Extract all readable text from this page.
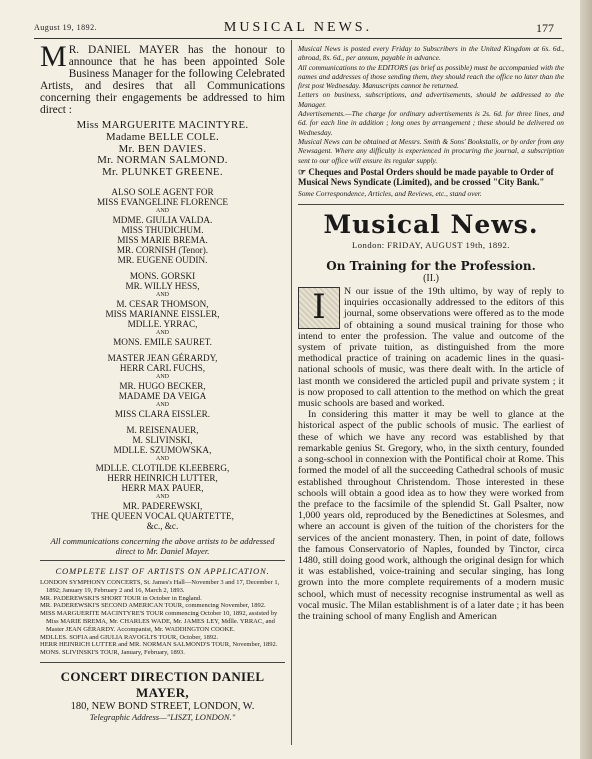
August 19, 1892.	MUSICAL NEWS.	177
M R. DANIEL MAYER has the honour to announce that he has been appointed Sole Business Manager for the following Celebrated Artists, and desires that all Communications concerning their engagements be addressed to him direct :
Miss MARGUERITE MACINTYRE.
Madame BELLE COLE.
Mr. BEN DAVIES.
Mr. NORMAN SALMOND.
Mr. PLUNKET GREENE.
ALSO SOLE AGENT FOR
MISS EVANGELINE FLORENCE
AND
MDME. GIULIA VALDA.
MISS THUDICHUM.
MISS MARIE BREMA.
MR. CORNISH (Tenor).
MR. EUGENE OUDIN.
MONS. GORSKI
MR. WILLY HESS,
AND
M. CESAR THOMSON,
MISS MARIANNE EISSLER,
MDLLE. YRRAC,
AND
MONS. EMILE SAURET.
MASTER JEAN GÉRARDY,
HERR CARL FUCHS,
AND
MR. HUGO BECKER,
MADAME DA VEIGA
AND
MISS CLARA EISSLER.
M. REISENAUER,
M. SLIVINSKI,
MDLLE. SZUMOWSKA,
AND
MDLLE. CLOTILDE KLEEBERG,
HERR HEINRICH LUTTER,
HERR MAX PAUER,
AND
MR. PADEREWSKI,
THE QUEEN VOCAL QUARTETTE,
&c., &c.
All communications concerning the above artists to be addressed direct to Mr. Daniel Mayer.
COMPLETE LIST OF ARTISTS ON APPLICATION.
LONDON SYMPHONY CONCERTS, St. James's Hall—November 3 and 17, December 1, 1892; January 19, February 2 and 16, March 2, 1893.
MR. PADEREWSKI'S SHORT TOUR in October in England.
MR. PADEREWSKI'S SECOND AMERICAN TOUR, commencing November, 1892.
MISS MARGUERITE MACINTYRE'S TOUR commencing October 10, 1892, assisted by Miss MARIE BREMA, Mr. CHARLES WADE, Mr. JAMES LEY, Mdlle. YRRAC, and Master JEAN GÉRARDY. Accompanist, Mr. WADDINGTON COOKE.
MDLLES. SOFIA and GIULIA RAVOGLI'S TOUR, October, 1892.
HERR HEINRICH LUTTER and MR. NORMAN SALMOND'S TOUR, November, 1892.
MONS. SLIVINSKI'S TOUR, January, February, 1893.
CONCERT DIRECTION DANIEL MAYER,
180, NEW BOND STREET, LONDON, W.
Telegraphic Address—"LISZT, LONDON."
Musical News is posted every Friday to Subscribers in the United Kingdom at 6s. 6d., abroad, 8s. 6d., per annum, payable in advance.
All communications to the EDITORS (as brief as possible) must be accompanied with the names and addresses of those sending them, they should reach the office no later than the first post Wednesday. Manuscripts cannot be returned.
Letters on business, subscriptions, and advertisements, should be addressed to the Manager.
Advertisements.—The charge for ordinary advertisements is 2s. 6d. for three lines, and 6d. for each line in addition ; long ones by arrangement ; these should be delivered on Wednesday.
Musical News can be obtained at Messrs. Smith & Sons' Bookstalls, or by order from any Newsagent. Where any difficulty is experienced in procuring the journal, a subscription sent to our office will ensure its regular supply.
☞ Cheques and Postal Orders should be made payable to Order of Musical News Syndicate (Limited), and be crossed "City Bank."
Some Correspondence, Articles, and Reviews, etc., stand over.
Musical News.
London: FRIDAY, AUGUST 19th, 1892.
On Training for the Profession.
(II.)
I	N our issue of the 19th ultimo, by way of reply to inquiries occasionally addressed to the editors of this journal, some observations were offered as to the mode of obtaining a sound musical training for those who intend to enter the profession. The value and outcome of the system of private tuition, as distinguished from the more methodical practice of training on academic lines in the quasi-national schools of music, was there dealt with. In the article of last month we considered the articled pupil and private system ; it is now proposed to call attention to the method on which the great music schools are based and worked.
In considering this matter it may be well to glance at the historical aspect of the public schools of music. The earliest of these of which we have any record was established by that remarkable genius St. Gregory, who, in the sixth century, founded a song-school in connexion with the Pontifical choir at Rome. This formed the model of all the succeeding Cathedral schools of music established throughout Christendom. Those interested in these schools will obtain a good idea as to how they were worked from the preface to the facsimile of the splendid St. Gall Psalter, now 1,000 years old, reproduced by the Benedictines at Solesmes, and where an account is given of the tuition of the choristers for the services of the ancient monastery. Then, in point of date, follows the famous Conservatorio of Naples, founded by Tinctor, circa 1480, still doing good work, although the original design for which it was established, voice-training and secular singing, has long grown into the more complete requirements of a modern music school, which must of necessity recognise instrumental as well as vocal music. The Milan establishment is of a later date ; it has been the training school of many English and American
